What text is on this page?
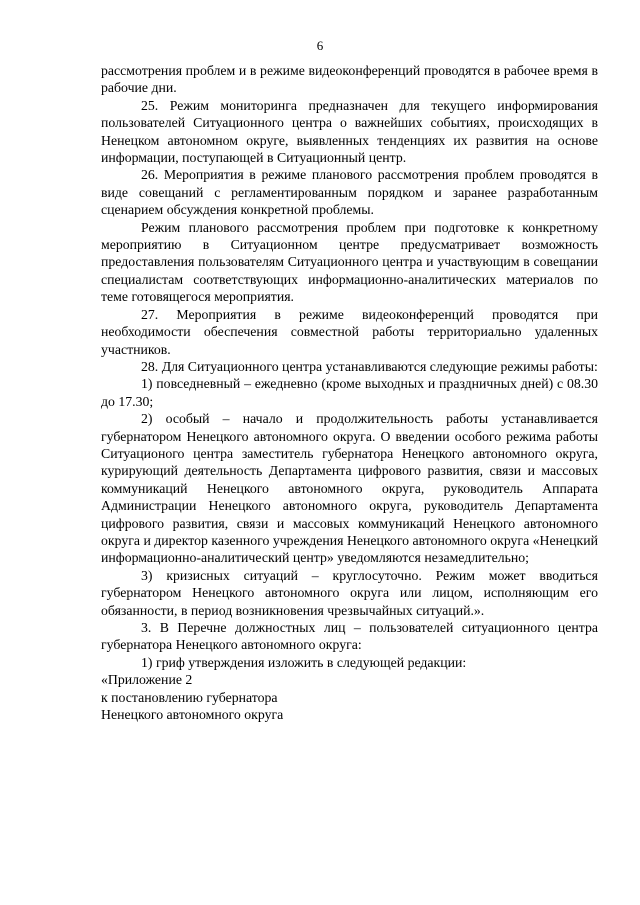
6

рассмотрения проблем и в режиме видеоконференций проводятся в рабочее время в рабочие дни.

25. Режим мониторинга предназначен для текущего информирования пользователей Ситуационного центра о важнейших событиях, происходящих в Ненецком автономном округе, выявленных тенденциях их развития на основе информации, поступающей в Ситуационный центр.

26. Мероприятия в режиме планового рассмотрения проблем проводятся в виде совещаний с регламентированным порядком и заранее разработанным сценарием обсуждения конкретной проблемы.

Режим планового рассмотрения проблем при подготовке к конкретному мероприятию в Ситуационном центре предусматривает возможность предоставления пользователям Ситуационного центра и участвующим в совещании специалистам соответствующих информационно-аналитических материалов по теме готовящегося мероприятия.

27. Мероприятия в режиме видеоконференций проводятся при необходимости обеспечения совместной работы территориально удаленных участников.

28. Для Ситуационного центра устанавливаются следующие режимы работы:

1) повседневный – ежедневно (кроме выходных и праздничных дней) с 08.30 до 17.30;

2) особый – начало и продолжительность работы устанавливается губернатором Ненецкого автономного округа. О введении особого режима работы Ситуационого центра заместитель губернатора Ненецкого автономного округа, курирующий деятельность Департамента цифрового развития, связи и массовых коммуникаций Ненецкого автономного округа, руководитель Аппарата Администрации Ненецкого автономного округа, руководитель Департамента цифрового развития, связи и массовых коммуникаций Ненецкого автономного округа и директор казенного учреждения Ненецкого автономного округа «Ненецкий информационно-аналитический центр» уведомляются незамедлительно;

3) кризисных ситуаций – круглосуточно. Режим может вводиться губернатором Ненецкого автономного округа или лицом, исполняющим его обязанности, в период возникновения чрезвычайных ситуаций.».

3. В Перечне должностных лиц – пользователей ситуационного центра губернатора Ненецкого автономного округа:

1) гриф утверждения изложить в следующей редакции:

«Приложение 2

к постановлению губернатора

Ненецкого автономного округа
